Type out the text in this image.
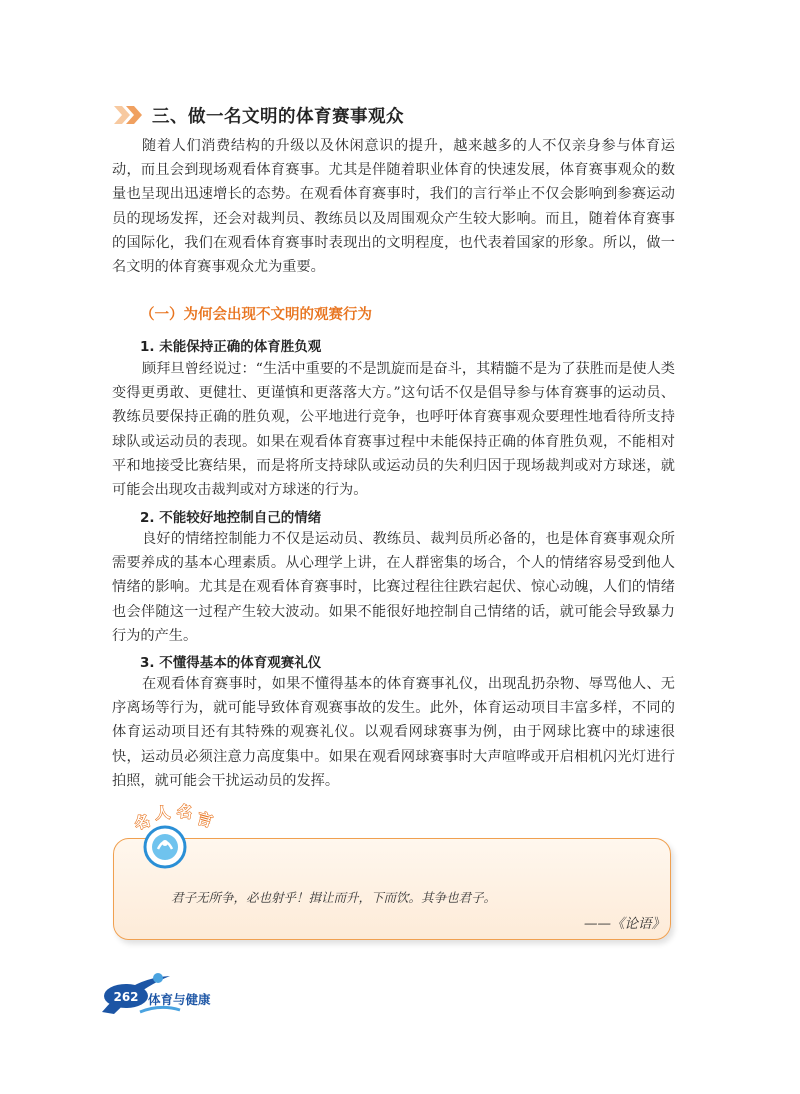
三、做一名文明的体育赛事观众

随着人们消费结构的升级以及休闲意识的提升，越来越多的人不仅亲身参与体育运动，而且会到现场观看体育赛事。尤其是伴随着职业体育的快速发展，体育赛事观众的数量也呈现出迅速增长的态势。在观看体育赛事时，我们的言行举止不仅会影响到参赛运动员的现场发挥，还会对裁判员、教练员以及周围观众产生较大影响。而且，随着体育赛事的国际化，我们在观看体育赛事时表现出的文明程度，也代表着国家的形象。所以，做一名文明的体育赛事观众尤为重要。

（一）为何会出现不文明的观赛行为
1. 未能保持正确的体育胜负观

顾拜旦曾经说过：“生活中重要的不是凯旋而是奋斗，其精髓不是为了获胜而是使人类变得更勇敢、更健壮、更谨慎和更落落大方。”这句话不仅是倡导参与体育赛事的运动员、教练员要保持正确的胜负观，公平地进行竞争，也呼吁体育赛事观众要理性地看待所支持球队或运动员的表现。如果在观看体育赛事过程中未能保持正确的体育胜负观，不能相对平和地接受比赛结果，而是将所支持球队或运动员的失利归因于现场裁判或对方球迷，就可能会出现攻击裁判或对方球迷的行为。

2. 不能较好地控制自己的情绪

良好的情绪控制能力不仅是运动员、教练员、裁判员所必备的，也是体育赛事观众所需要养成的基本心理素质。从心理学上讲，在人群密集的场合，个人的情绪容易受到他人情绪的影响。尤其是在观看体育赛事时，比赛过程往往跌宕起伏、惊心动魄，人们的情绪也会伴随这一过程产生较大波动。如果不能很好地控制自己情绪的话，就可能会导致暴力行为的产生。

3. 不懂得基本的体育观赛礼仪

在观看体育赛事时，如果不懂得基本的体育赛事礼仪，出现乱扔杂物、辱骂他人、无序离场等行为，就可能导致体育观赛事故的发生。此外，体育运动项目丰富多样，不同的体育运动项目还有其特殊的观赛礼仪。以观看网球赛事为例，由于网球比赛中的球速很快，运动员必须注意力高度集中。如果在观看网球赛事时大声喧哗或开启相机闪光灯进行拍照，就可能会干扰运动员的发挥。

名 人 名 言
君子无所争，必也射乎！揖让而升，下而饮。其争也君子。
——《论语》
262 体育与健康
